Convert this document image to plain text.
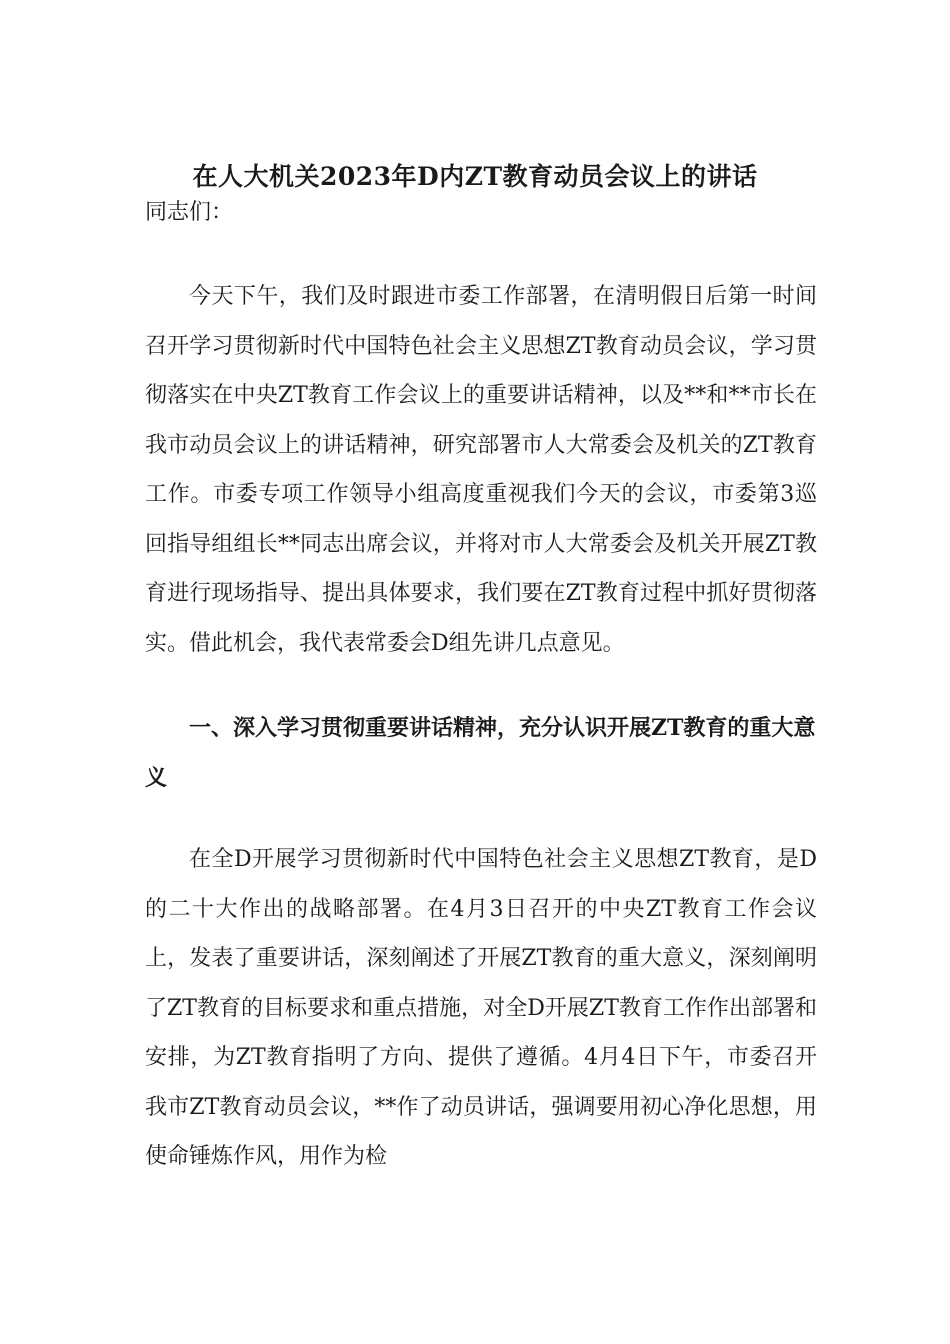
在人大机关2023年D内ZT教育动员会议上的讲话

同志们：

今天下午，我们及时跟进市委工作部署，在清明假日后第一时间召开学习贯彻新时代中国特色社会主义思想ZT教育动员会议，学习贯彻落实在中央ZT教育工作会议上的重要讲话精神，以及**和**市长在我市动员会议上的讲话精神，研究部署市人大常委会及机关的ZT教育工作。市委专项工作领导小组高度重视我们今天的会议，市委第3巡回指导组组长**同志出席会议，并将对市人大常委会及机关开展ZT教育进行现场指导、提出具体要求，我们要在ZT教育过程中抓好贯彻落实。借此机会，我代表常委会D组先讲几点意见。

一、深入学习贯彻重要讲话精神，充分认识开展ZT教育的重大意义

在全D开展学习贯彻新时代中国特色社会主义思想ZT教育，是D的二十大作出的战略部署。在4月3日召开的中央ZT教育工作会议上，发表了重要讲话，深刻阐述了开展ZT教育的重大意义，深刻阐明了ZT教育的目标要求和重点措施，对全D开展ZT教育工作作出部署和安排，为ZT教育指明了方向、提供了遵循。4月4日下午，市委召开我市ZT教育动员会议，**作了动员讲话，强调要用初心净化思想，用使命锤炼作风，用作为检
